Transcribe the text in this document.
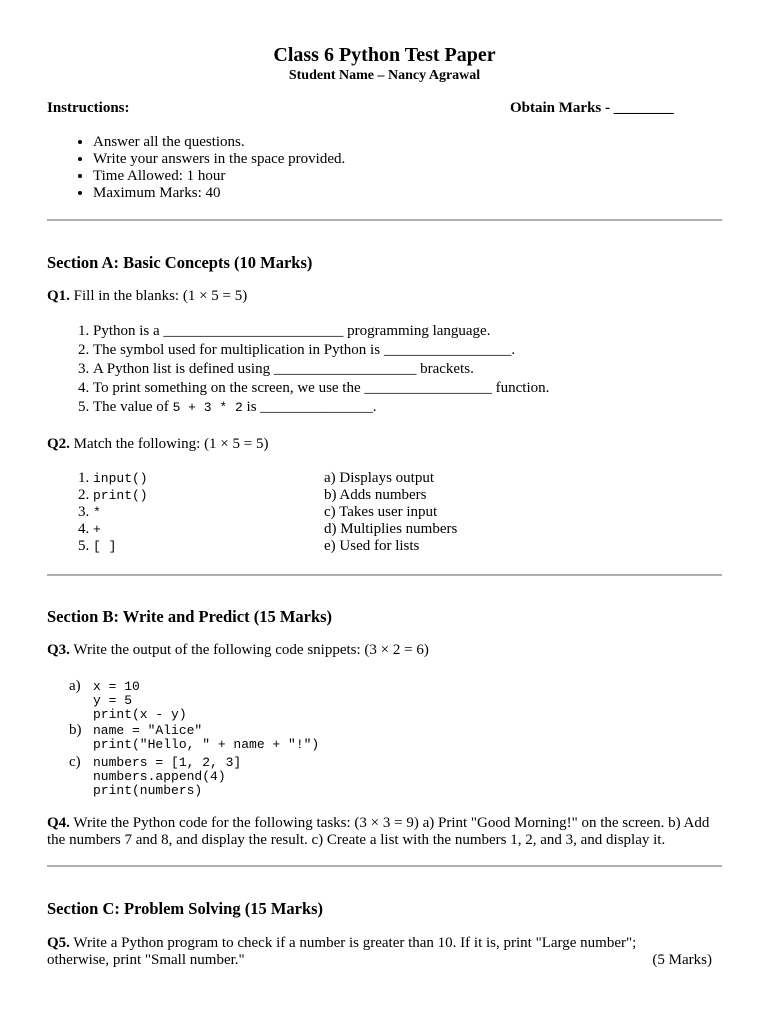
Class 6 Python Test Paper
Student Name – Nancy Agrawal
Instructions:	Obtain Marks - ________
• Answer all the questions.
• Write your answers in the space provided.
• Time Allowed: 1 hour
• Maximum Marks: 40
Section A: Basic Concepts (10 Marks)
Q1. Fill in the blanks: (1 × 5 = 5)
1. Python is a ________________________ programming language.
2. The symbol used for multiplication in Python is _________________.
3. A Python list is defined using ___________________ brackets.
4. To print something on the screen, we use the _________________ function.
5. The value of 5 + 3 * 2 is _______________.
Q2. Match the following: (1 × 5 = 5)
1. input()
2. print()
3. *
4. +
5. [ ]
a) Displays output
b) Adds numbers
c) Takes user input
d) Multiplies numbers
e) Used for lists
Section B: Write and Predict (15 Marks)
Q3. Write the output of the following code snippets: (3 × 2 = 6)
a) x = 10
y = 5
print(x - y)
b) name = "Alice"
print("Hello, " + name + "!")
c) numbers = [1, 2, 3]
numbers.append(4)
print(numbers)
Q4. Write the Python code for the following tasks: (3 × 3 = 9) a) Print "Good Morning!" on the screen. b) Add the numbers 7 and 8, and display the result. c) Create a list with the numbers 1, 2, and 3, and display it.
Section C: Problem Solving (15 Marks)
Q5. Write a Python program to check if a number is greater than 10. If it is, print "Large number"; otherwise, print "Small number."	(5 Marks)
